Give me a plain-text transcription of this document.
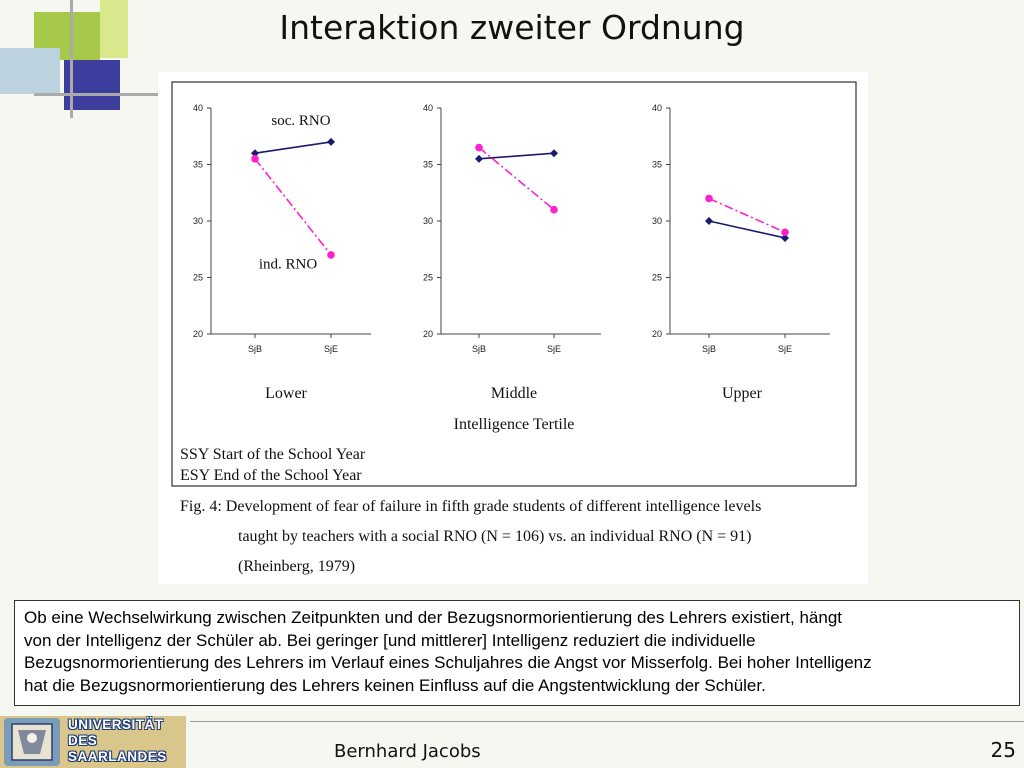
Interaktion zweiter Ordnung
20
25
30
35
40
SjB	SjE
Lower
soc. RNO
ind. RNO
20
25
30
35
40
SjB	SjE
Middle
20
25
30
35
40
SjB	SjE
Upper
Intelligence Tertile
SSY Start of the School Year
ESY End of the School Year
Fig. 4: Development of fear of failure in fifth grade students of different intelligence levels
taught by teachers with a social RNO (N = 106) vs. an individual RNO (N = 91)
(Rheinberg, 1979)
Ob eine Wechselwirkung zwischen Zeitpunkten und der Bezugsnormorientierung des Lehrers existiert, hängt
von der Intelligenz der Schüler ab. Bei geringer [und mittlerer] Intelligenz reduziert die individuelle
Bezugsnormorientierung des Lehrers im Verlauf eines Schuljahres die Angst vor Misserfolg. Bei hoher Intelligenz
hat die Bezugsnormorientierung des Lehrers keinen Einfluss auf die Angstentwicklung der Schüler.
UNIVERSITÄT
DES
SAARLANDES	Bernhard Jacobs	25
